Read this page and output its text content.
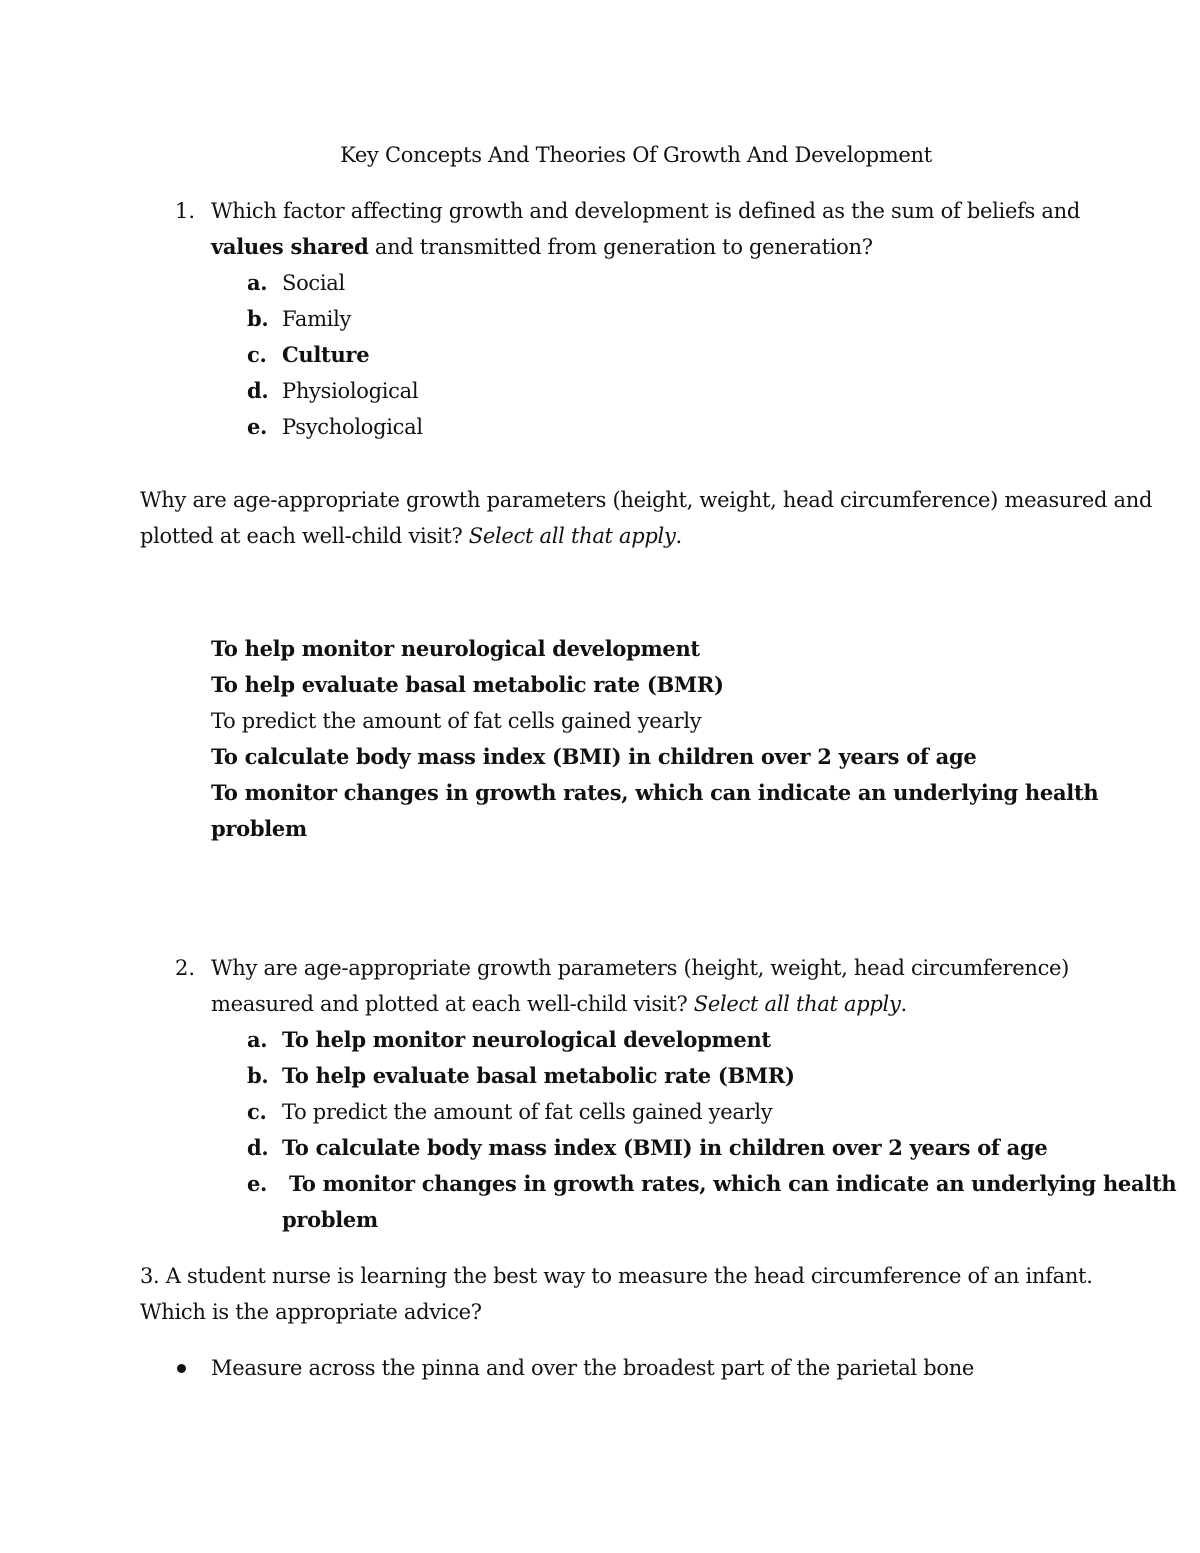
Key Concepts And Theories Of Growth And Development
1. Which factor affecting growth and development is defined as the sum of beliefs and
values shared and transmitted from generation to generation?
a. Social
b. Family
c. Culture
d. Physiological
e. Psychological
Why are age-appropriate growth parameters (height, weight, head circumference) measured and
plotted at each well-child visit? Select all that apply.
To help monitor neurological development
To help evaluate basal metabolic rate (BMR)
To predict the amount of fat cells gained yearly
To calculate body mass index (BMI) in children over 2 years of age
To monitor changes in growth rates, which can indicate an underlying health
problem
2. Why are age-appropriate growth parameters (height, weight, head circumference)
measured and plotted at each well-child visit? Select all that apply.
a. To help monitor neurological development
b. To help evaluate basal metabolic rate (BMR)
c. To predict the amount of fat cells gained yearly
d. To calculate body mass index (BMI) in children over 2 years of age
e. To monitor changes in growth rates, which can indicate an underlying health
problem
3. A student nurse is learning the best way to measure the head circumference of an infant.
Which is the appropriate advice?
Measure across the pinna and over the broadest part of the parietal bone
